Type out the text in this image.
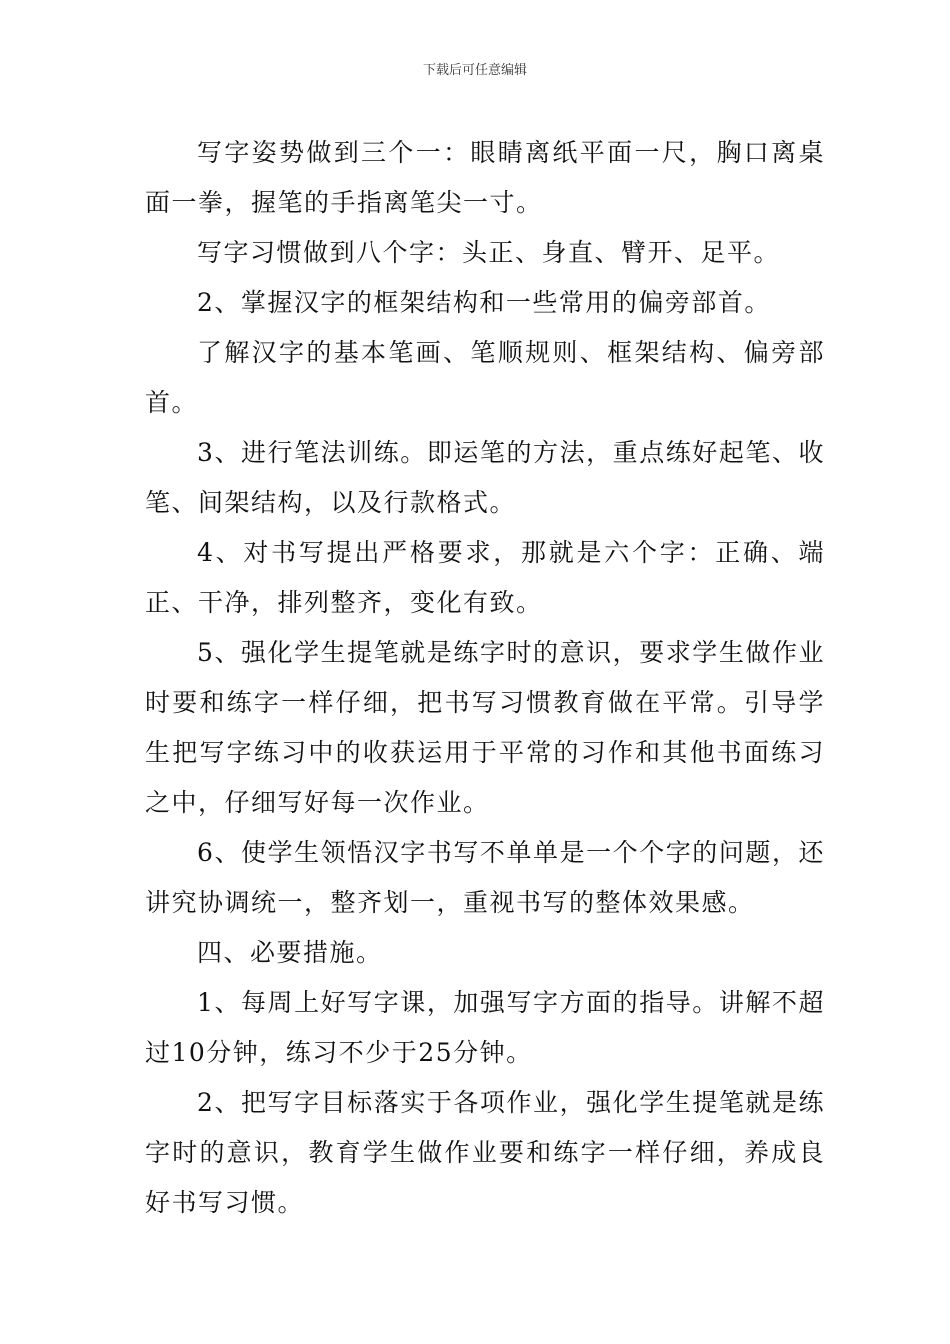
下载后可任意编辑

写字姿势做到三个一：眼睛离纸平面一尺，胸口离桌面一拳，握笔的手指离笔尖一寸。

写字习惯做到八个字：头正、身直、臂开、足平。

2、掌握汉字的框架结构和一些常用的偏旁部首。

了解汉字的基本笔画、笔顺规则、框架结构、偏旁部首。

3、进行笔法训练。即运笔的方法，重点练好起笔、收笔、间架结构，以及行款格式。

4、对书写提出严格要求，那就是六个字：正确、端正、干净，排列整齐，变化有致。

5、强化学生提笔就是练字时的意识，要求学生做作业时要和练字一样仔细，把书写习惯教育做在平常。引导学生把写字练习中的收获运用于平常的习作和其他书面练习之中，仔细写好每一次作业。

6、使学生领悟汉字书写不单单是一个个字的问题，还讲究协调统一，整齐划一，重视书写的整体效果感。

四、必要措施。

1、每周上好写字课，加强写字方面的指导。讲解不超过10分钟，练习不少于25分钟。

2、把写字目标落实于各项作业，强化学生提笔就是练字时的意识，教育学生做作业要和练字一样仔细，养成良好书写习惯。
